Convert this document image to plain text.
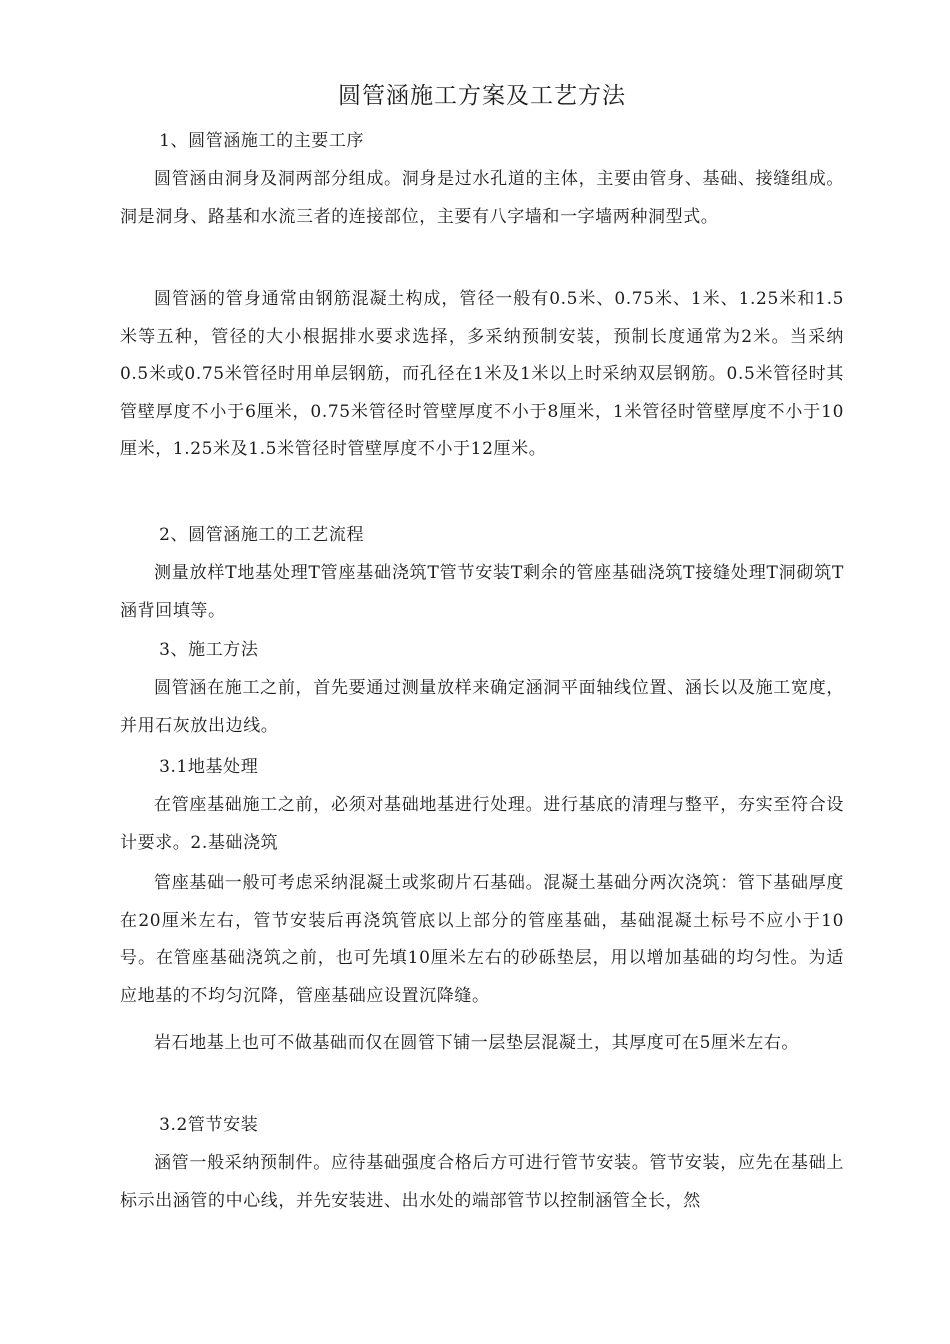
圆管涵施工方案及工艺方法

1、圆管涵施工的主要工序

圆管涵由洞身及洞两部分组成。洞身是过水孔道的主体，主要由管身、基础、接缝组成。洞是洞身、路基和水流三者的连接部位，主要有八字墙和一字墙两种洞型式。

圆管涵的管身通常由钢筋混凝土构成，管径一般有0.5米、0.75米、1米、1.25米和1.5米等五种，管径的大小根据排水要求选择，多采纳预制安装，预制长度通常为2米。当采纳0.5米或0.75米管径时用单层钢筋，而孔径在1米及1米以上时采纳双层钢筋。0.5米管径时其管壁厚度不小于6厘米，0.75米管径时管壁厚度不小于8厘米，1米管径时管壁厚度不小于10厘米，1.25米及1.5米管径时管壁厚度不小于12厘米。

2、圆管涵施工的工艺流程

测量放样T地基处理T管座基础浇筑T管节安装T剩余的管座基础浇筑T接缝处理T洞砌筑T涵背回填等。

3、施工方法

圆管涵在施工之前，首先要通过测量放样来确定涵洞平面轴线位置、涵长以及施工宽度，并用石灰放出边线。

3.1地基处理

在管座基础施工之前，必须对基础地基进行处理。进行基底的清理与整平，夯实至符合设计要求。2.基础浇筑

管座基础一般可考虑采纳混凝土或浆砌片石基础。混凝土基础分两次浇筑：管下基础厚度在20厘米左右，管节安装后再浇筑管底以上部分的管座基础，基础混凝土标号不应小于10号。在管座基础浇筑之前，也可先填10厘米左右的砂砾垫层，用以增加基础的均匀性。为适应地基的不均匀沉降，管座基础应设置沉降缝。

岩石地基上也可不做基础而仅在圆管下铺一层垫层混凝土，其厚度可在5厘米左右。

3.2管节安装

涵管一般采纳预制件。应待基础强度合格后方可进行管节安装。管节安装，应先在基础上标示出涵管的中心线，并先安装进、出水处的端部管节以控制涵管全长，然
